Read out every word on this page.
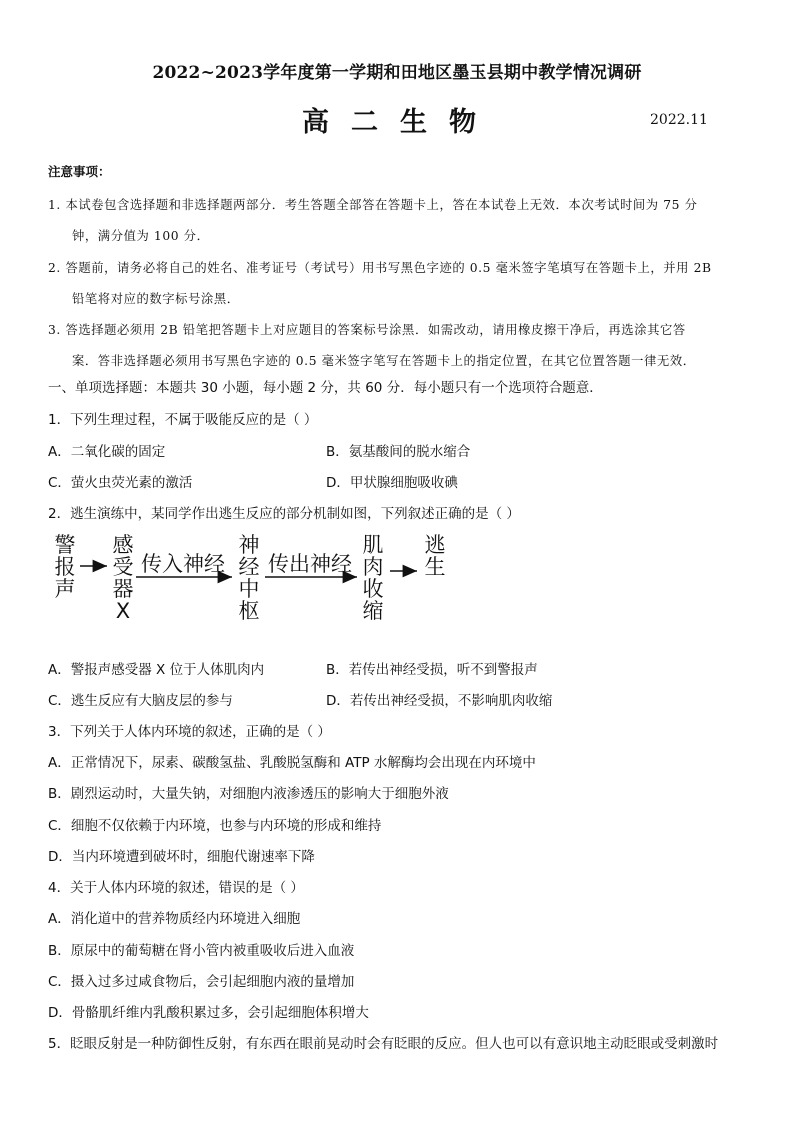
2022~2023学年度第一学期和田地区墨玉县期中教学情况调研
高二生物	2022.11
注意事项：
1. 本试卷包含选择题和非选择题两部分．考生答题全部答在答题卡上，答在本试卷上无效．本次考试时间为 75 分
钟，满分值为 100 分．
2. 答题前，请务必将自己的姓名、准考证号（考试号）用书写黑色字迹的 0.5 毫米签字笔填写在答题卡上，并用 2B
铅笔将对应的数字标号涂黑．
3. 答选择题必须用 2B 铅笔把答题卡上对应题目的答案标号涂黑．如需改动，请用橡皮擦干净后，再选涂其它答
案．答非选择题必须用书写黑色字迹的 0.5 毫米签字笔写在答题卡上的指定位置，在其它位置答题一律无效．
一、单项选择题：本题共 30 小题，每小题 2 分，共 60 分．每小题只有一个选项符合题意．
1．下列生理过程，不属于吸能反应的是（ ）
A．二氧化碳的固定	B．氨基酸间的脱水缩合
C．萤火虫荧光素的激活	D．甲状腺细胞吸收碘
2．逃生演练中，某同学作出逃生反应的部分机制如图，下列叙述正确的是（ ）
警
报
声
感
受
器
X
传入神经
神
经
中
枢
传出神经
肌
肉
收
缩
逃
生
A．警报声感受器 X 位于人体肌肉内	B．若传出神经受损，听不到警报声
C．逃生反应有大脑皮层的参与	D．若传出神经受损，不影响肌肉收缩
3．下列关于人体内环境的叙述，正确的是（ ）
A．正常情况下，尿素、碳酸氢盐、乳酸脱氢酶和 ATP 水解酶均会出现在内环境中
B．剧烈运动时，大量失钠，对细胞内液渗透压的影响大于细胞外液
C．细胞不仅依赖于内环境，也参与内环境的形成和维持
D．当内环境遭到破坏时，细胞代谢速率下降
4．关于人体内环境的叙述，错误的是（ ）
A．消化道中的营养物质经内环境进入细胞
B．原尿中的葡萄糖在肾小管内被重吸收后进入血液
C．摄入过多过咸食物后，会引起细胞内液的量增加
D．骨骼肌纤维内乳酸积累过多，会引起细胞体积增大
5．眨眼反射是一种防御性反射，有东西在眼前晃动时会有眨眼的反应。但人也可以有意识地主动眨眼或受刺激时
